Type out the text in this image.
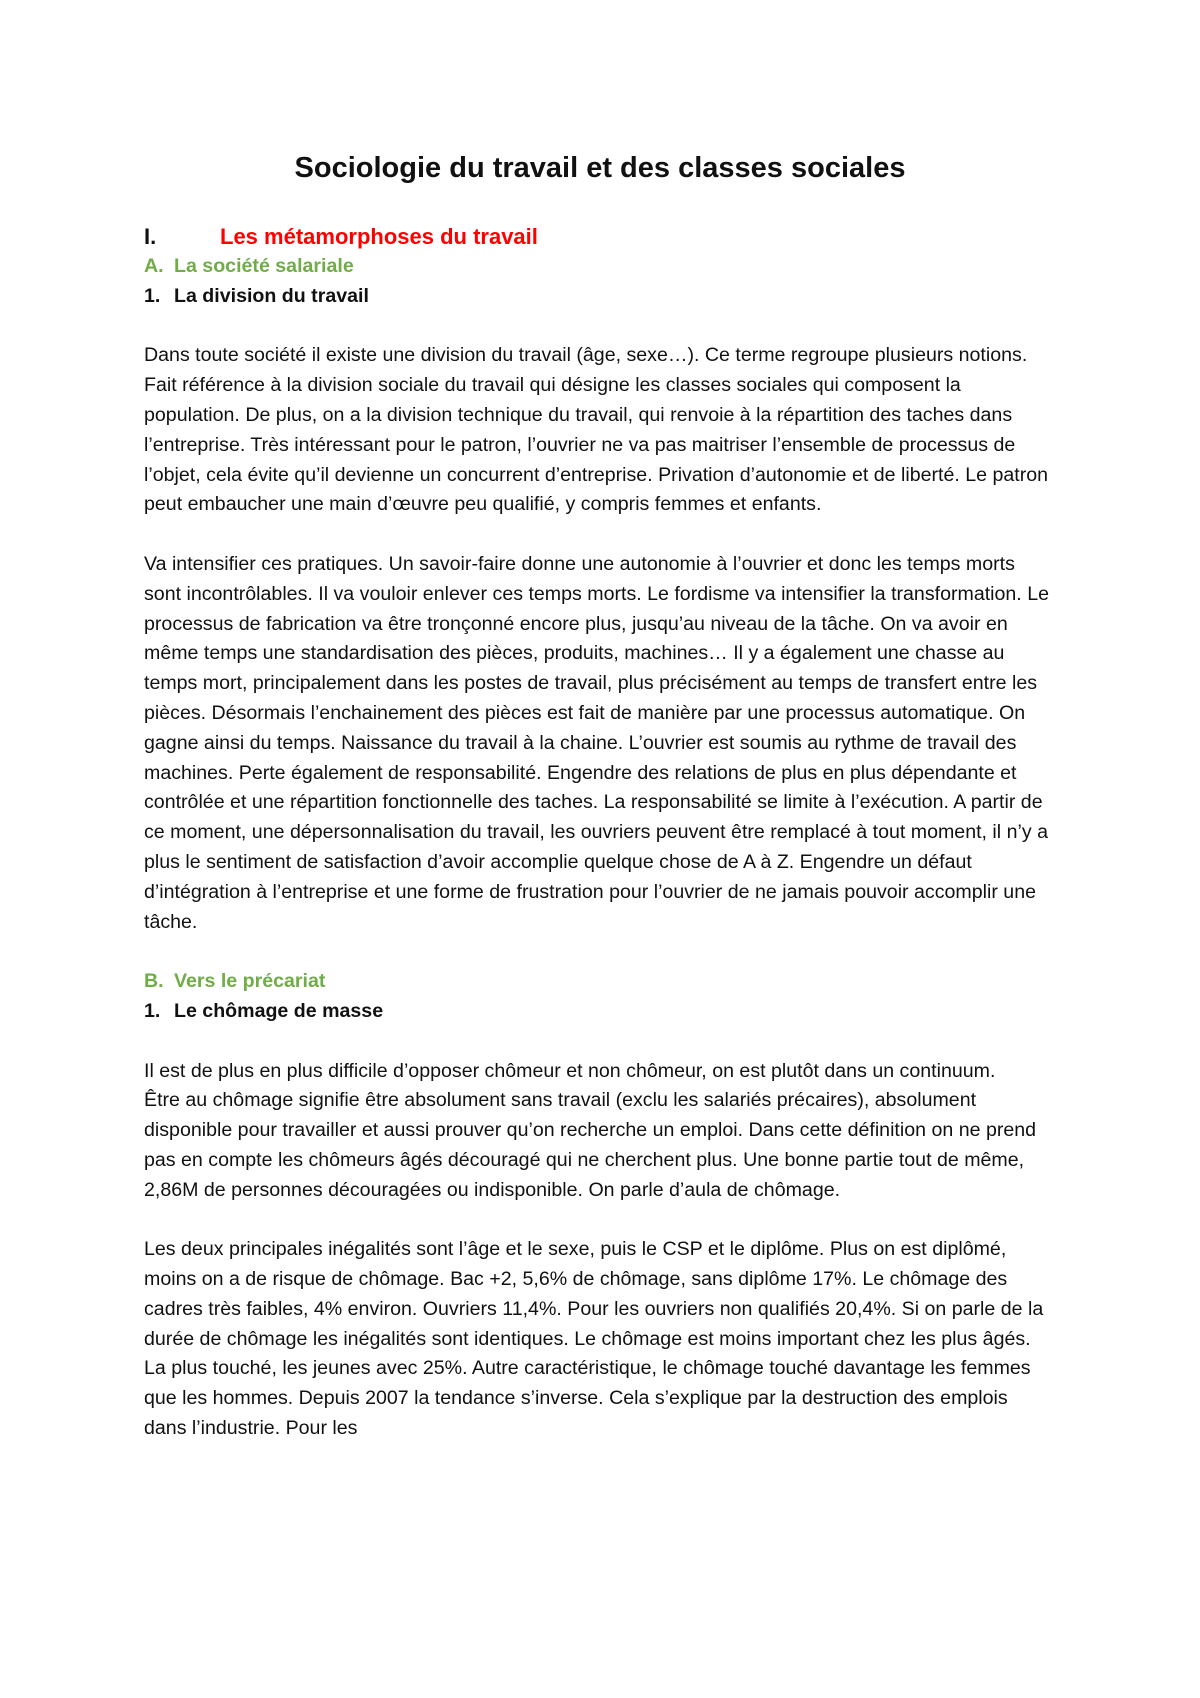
Sociologie du travail et des classes sociales
I.	Les métamorphoses du travail
A. La société salariale
1. La division du travail

Dans toute société il existe une division du travail (âge, sexe…). Ce terme regroupe plusieurs notions. Fait référence à la division sociale du travail qui désigne les classes sociales qui composent la population. De plus, on a la division technique du travail, qui renvoie à la répartition des taches dans l’entreprise. Très intéressant pour le patron, l’ouvrier ne va pas maitriser l’ensemble de processus de l’objet, cela évite qu’il devienne un concurrent d’entreprise. Privation d’autonomie et de liberté. Le patron peut embaucher une main d’œuvre peu qualifié, y compris femmes et enfants.

Va intensifier ces pratiques. Un savoir-faire donne une autonomie à l’ouvrier et donc les temps morts sont incontrôlables. Il va vouloir enlever ces temps morts. Le fordisme va intensifier la transformation. Le processus de fabrication va être tronçonné encore plus, jusqu’au niveau de la tâche. On va avoir en même temps une standardisation des pièces, produits, machines… Il y a également une chasse au temps mort, principalement dans les postes de travail, plus précisément au temps de transfert entre les pièces. Désormais l’enchainement des pièces est fait de manière par une processus automatique. On gagne ainsi du temps. Naissance du travail à la chaine. L’ouvrier est soumis au rythme de travail des machines. Perte également de responsabilité. Engendre des relations de plus en plus dépendante et contrôlée et une répartition fonctionnelle des taches. La responsabilité se limite à l’exécution. A partir de ce moment, une dépersonnalisation du travail, les ouvriers peuvent être remplacé à tout moment, il n’y a plus le sentiment de satisfaction d’avoir accomplie quelque chose de A à Z. Engendre un défaut d’intégration à l’entreprise et une forme de frustration pour l’ouvrier de ne jamais pouvoir accomplir une tâche.

B. Vers le précariat
1. Le chômage de masse

Il est de plus en plus difficile d’opposer chômeur et non chômeur, on est plutôt dans un continuum.

Être au chômage signifie être absolument sans travail (exclu les salariés précaires), absolument disponible pour travailler et aussi prouver qu’on recherche un emploi. Dans cette définition on ne prend pas en compte les chômeurs âgés découragé qui ne cherchent plus. Une bonne partie tout de même, 2,86M de personnes découragées ou indisponible. On parle d’aula de chômage.

Les deux principales inégalités sont l’âge et le sexe, puis le CSP et le diplôme. Plus on est diplômé, moins on a de risque de chômage. Bac +2, 5,6% de chômage, sans diplôme 17%. Le chômage des cadres très faibles, 4% environ. Ouvriers 11,4%. Pour les ouvriers non qualifiés 20,4%. Si on parle de la durée de chômage les inégalités sont identiques. Le chômage est moins important chez les plus âgés. La plus touché, les jeunes avec 25%. Autre caractéristique, le chômage touché davantage les femmes que les hommes. Depuis 2007 la tendance s’inverse. Cela s’explique par la destruction des emplois dans l’industrie. Pour les
